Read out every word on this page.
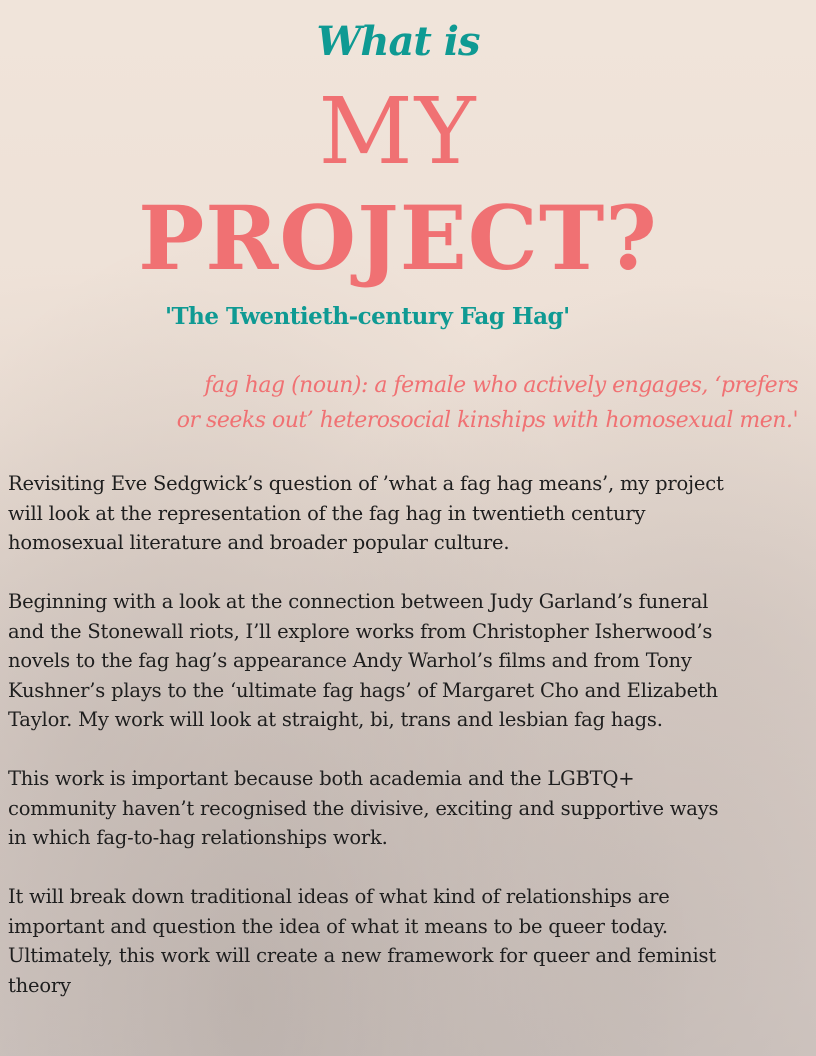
What is
MY
PROJECT?
'The Twentieth-century Fag Hag'
fag hag (noun): a female who actively engages, ‘prefers
or seeks out’ heterosocial kinships with homosexual men.'

Revisiting Eve Sedgwick’s question of ’what a fag hag means’, my project
will look at the representation of the fag hag in twentieth century
homosexual literature and broader popular culture.

Beginning with a look at the connection between Judy Garland’s funeral
and the Stonewall riots, I’ll explore works from Christopher Isherwood’s
novels to the fag hag’s appearance Andy Warhol’s films and from Tony
Kushner’s plays to the ‘ultimate fag hags’ of Margaret Cho and Elizabeth
Taylor. My work will look at straight, bi, trans and lesbian fag hags.

This work is important because both academia and the LGBTQ+
community haven’t recognised the divisive, exciting and supportive ways
in which fag-to-hag relationships work.

It will break down traditional ideas of what kind of relationships are
important and question the idea of what it means to be queer today.
Ultimately, this work will create a new framework for queer and feminist
theory
